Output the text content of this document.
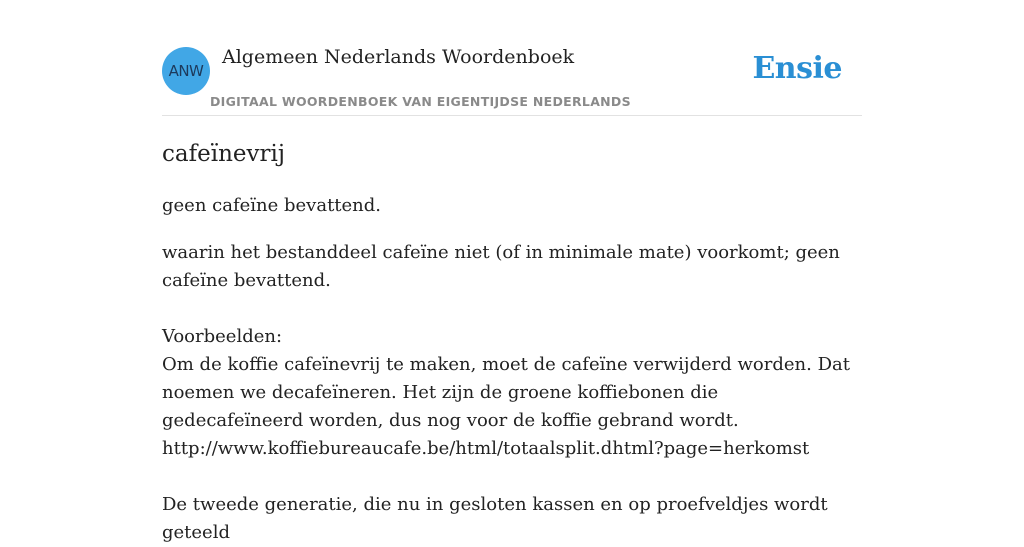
ANW
Algemeen Nederlands Woordenboek
DIGITAAL WOORDENBOEK VAN EIGENTIJDSE NEDERLANDS
Ensie
cafeïnevrij

geen cafeïne bevattend.

waarin het bestanddeel cafeïne niet (of in minimale mate) voorkomt; geen cafeïne bevattend.

Voorbeelden:

Om de koffie cafeïnevrij te maken, moet de cafeïne verwijderd worden. Dat noemen we decafeïneren. Het zijn de groene koffiebonen die gedecafeïneerd worden, dus nog voor de koffie gebrand wordt.

http://www.koffiebureaucafe.be/html/totaalsplit.dhtml?page=herkomst

De tweede generatie, die nu in gesloten kassen en op proefveldjes wordt geteeld
